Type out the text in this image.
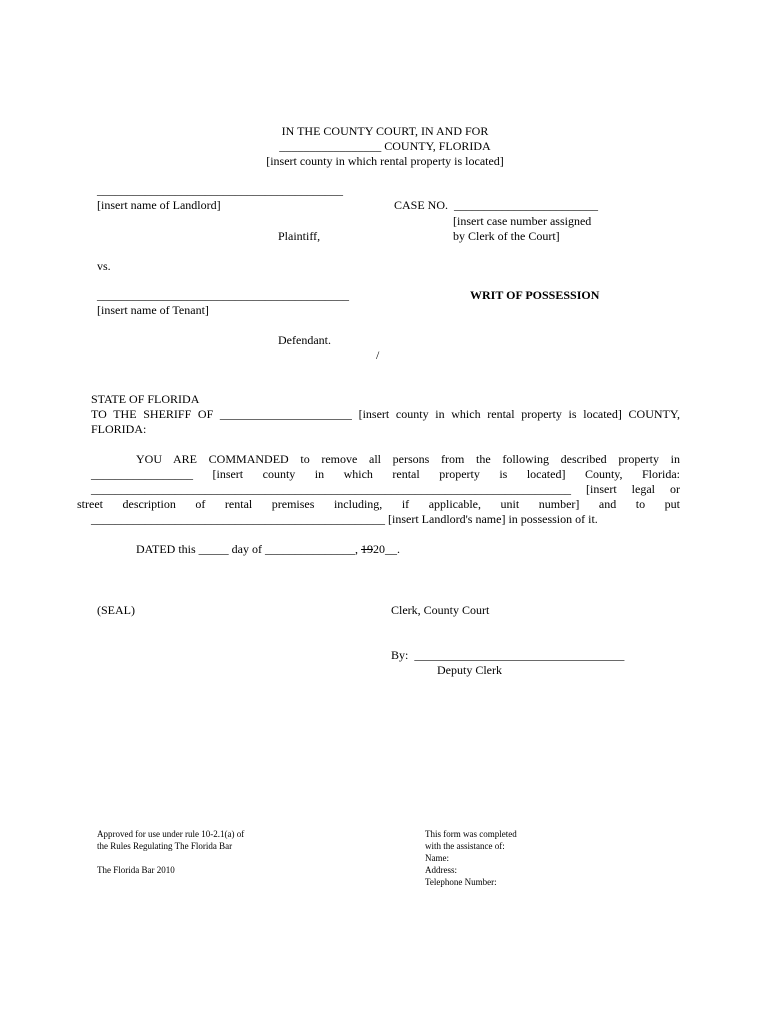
IN THE COUNTY COURT, IN AND FOR
_________________ COUNTY, FLORIDA
[insert county in which rental property is located]
_________________________________________
[insert name of Landlord]
Plaintiff,
vs.
__________________________________________
[insert name of Tenant]
Defendant.
/
CASE NO.  ________________________
[insert case number assigned
by Clerk of the Court]
WRIT OF POSSESSION
STATE OF FLORIDA
TO THE SHERIFF OF ______________________ [insert county in which rental property is located] COUNTY,
FLORIDA:
YOU ARE COMMANDED to remove all persons from the following described property in
_________________ [insert county in which rental property is located] County, Florida:
________________________________________________________________________________ [insert legal or
street description of rental premises including, if applicable, unit number] and to put
_________________________________________________ [insert Landlord's name] in possession of it.
DATED this _____ day of _______________, 1920__.
(SEAL)	Clerk, County Court
By:  ___________________________________
Deputy Clerk
Approved for use under rule 10-2.1(a) of
the Rules Regulating The Florida Bar
The Florida Bar 2010
This form was completed
with the assistance of:
Name:
Address:
Telephone Number:
